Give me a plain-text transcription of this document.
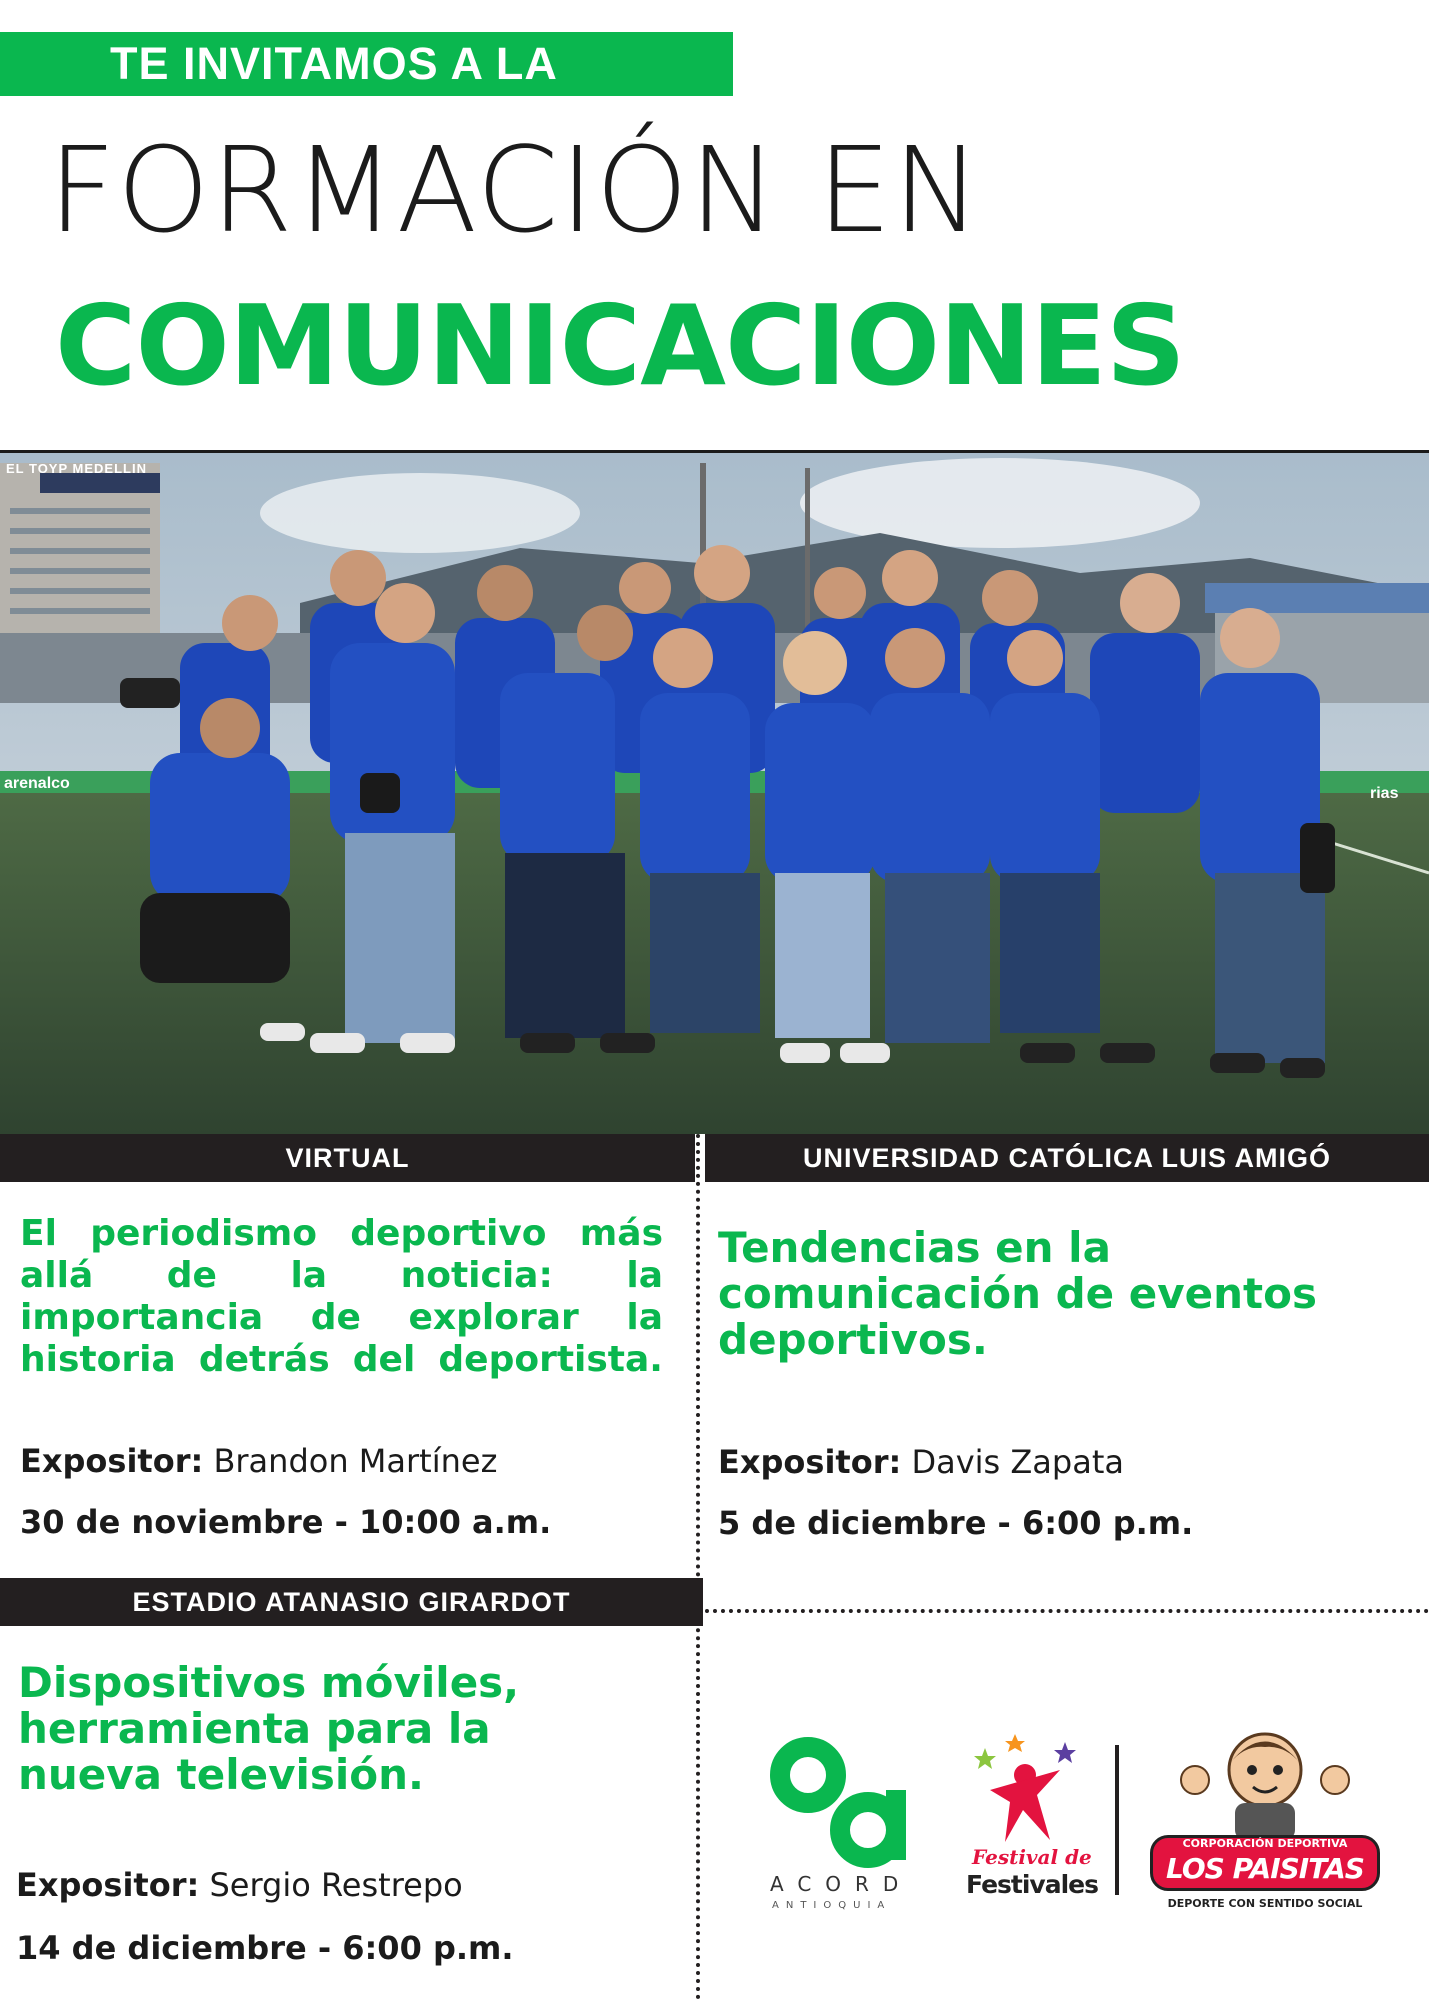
TE INVITAMOS A LA
FORMACIÓN EN
COMUNICACIONES
EL TOYP MEDELLIN
arenalco
rias
VIRTUAL	UNIVERSIDAD CATÓLICA LUIS AMIGÓ
El periodismo deportivo más allá de la noticia: la importancia de explorar la historia detrás del deportista.
Expositor: Brandon Martínez
30 de noviembre - 10:00 a.m.
Tendencias en la comunicación de eventos deportivos.
Expositor: Davis Zapata
5 de diciembre - 6:00 p.m.
ESTADIO ATANASIO GIRARDOT
Dispositivos móviles, herramienta para la nueva televisión.
Expositor: Sergio Restrepo
14 de diciembre - 6:00 p.m.
ACORD
ANTIOQUIA
Festival de
Festivales
CORPORACIÓN DEPORTIVA
LOS PAISITAS
DEPORTE CON SENTIDO SOCIAL
